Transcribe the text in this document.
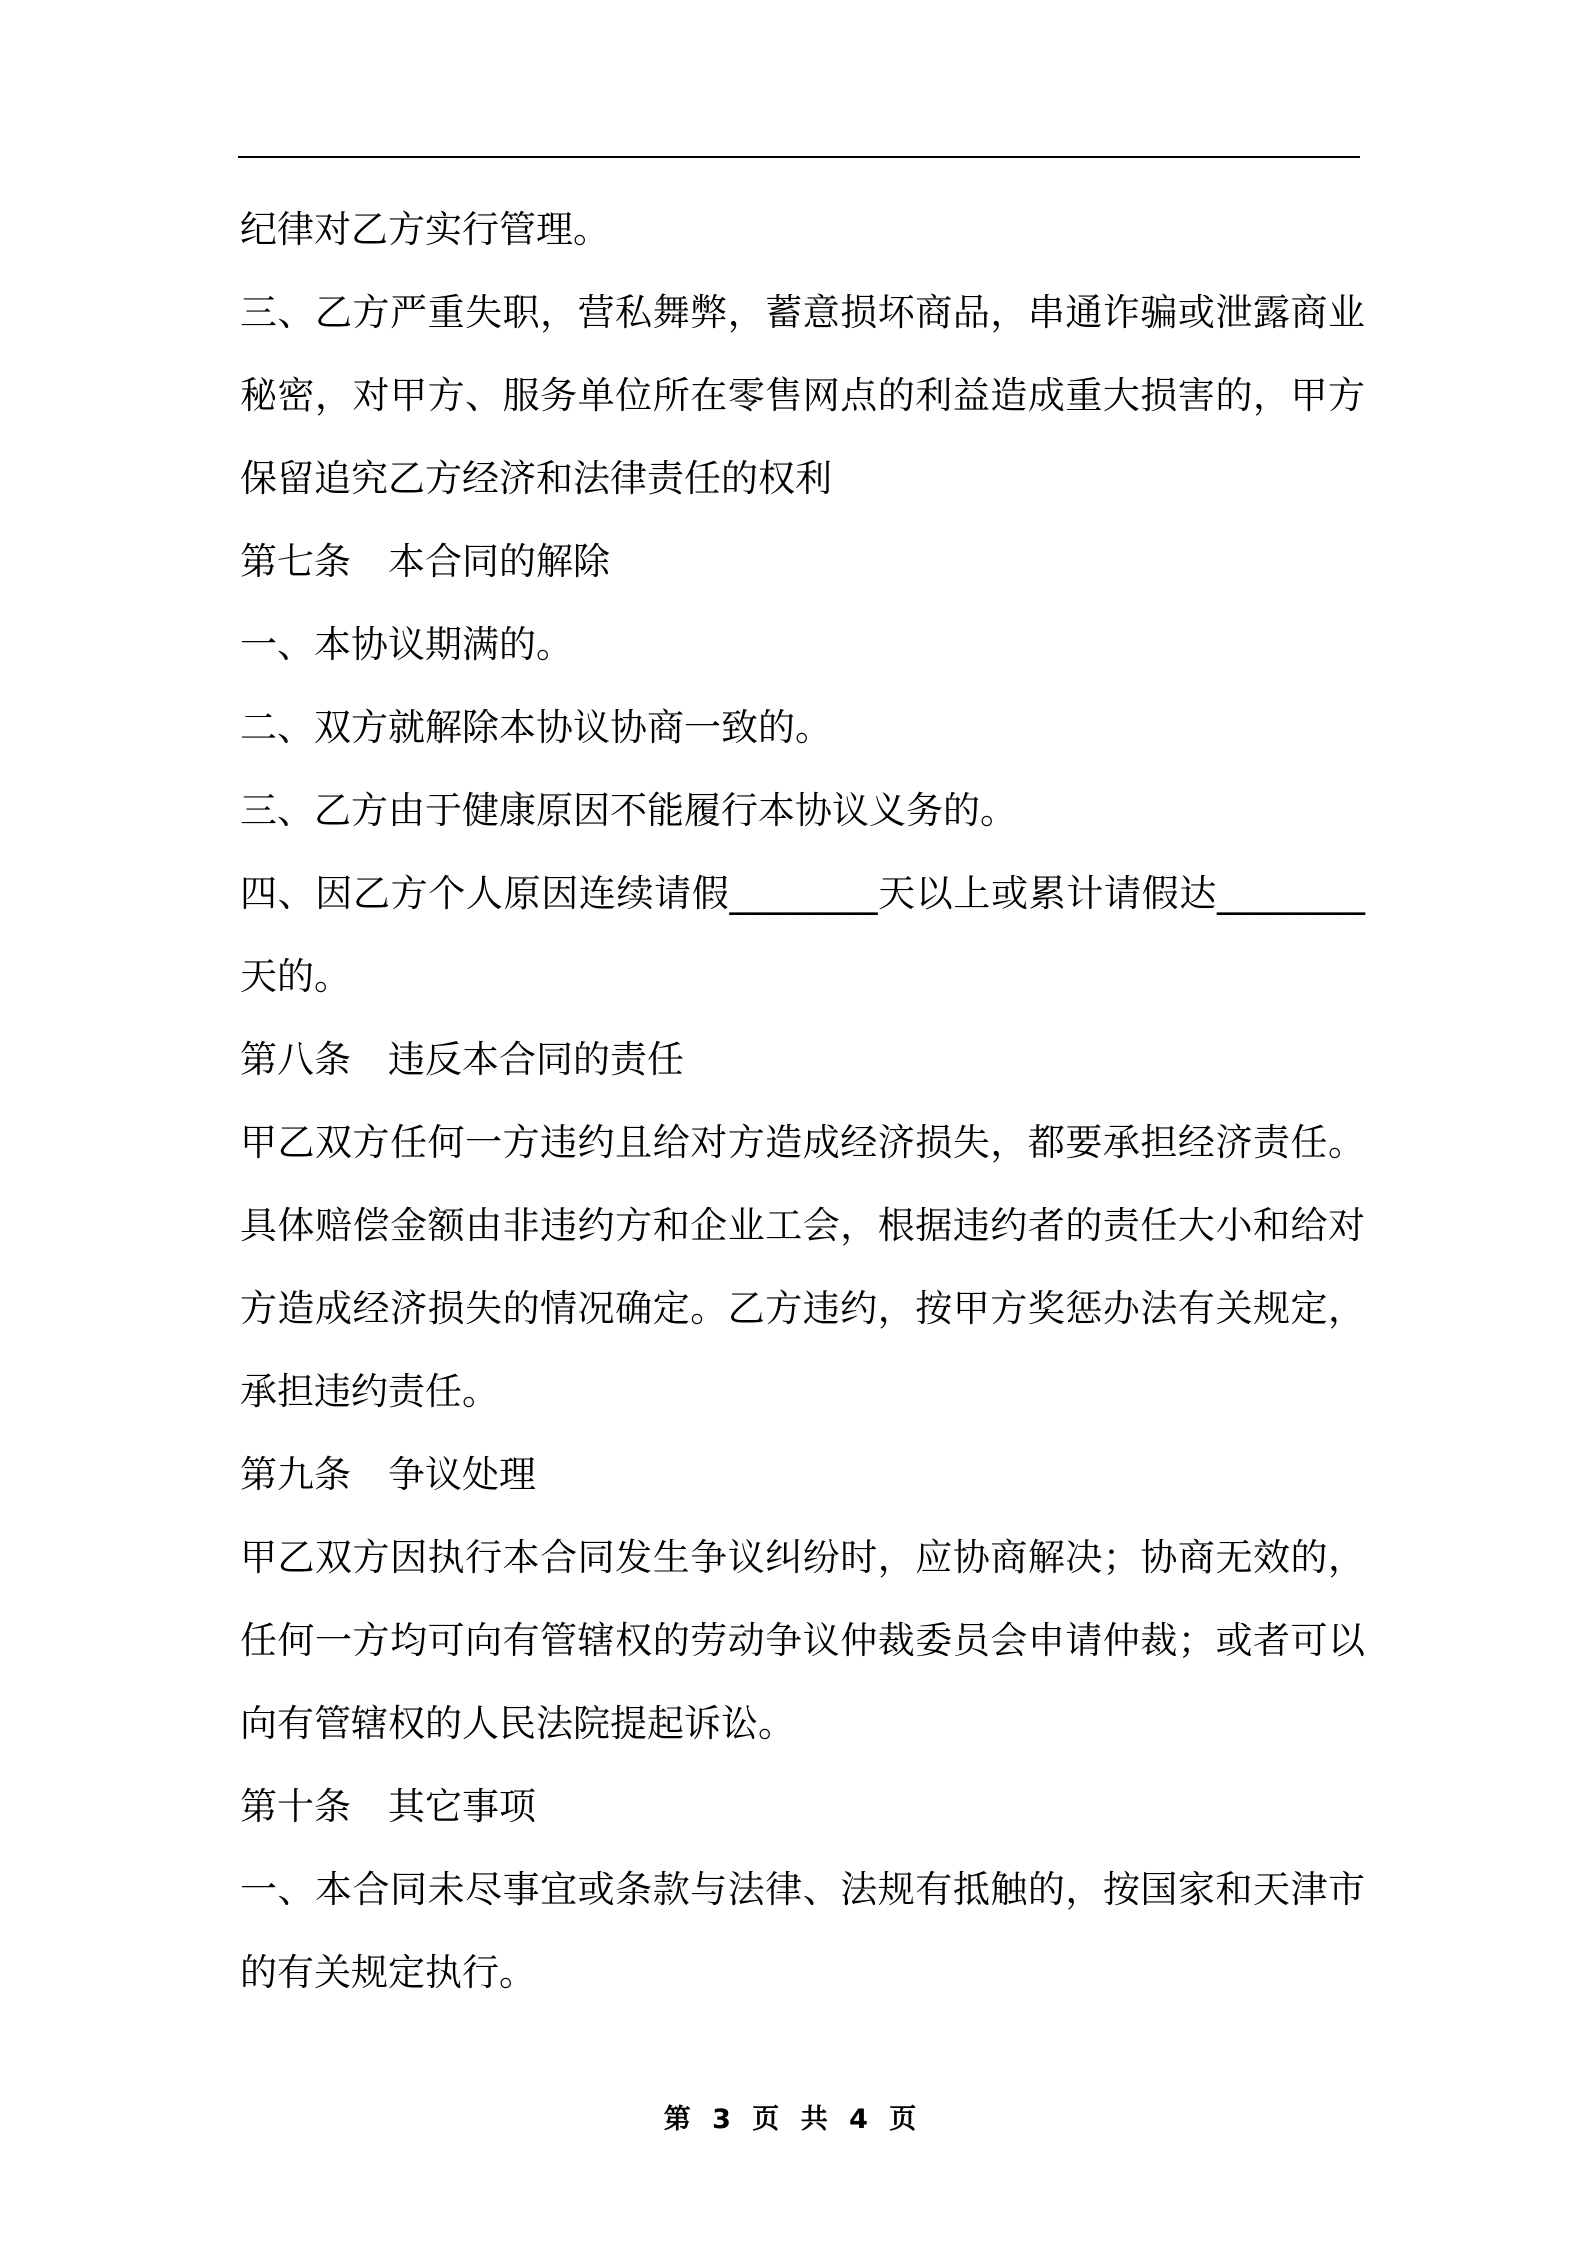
纪律对乙方实行管理。

三、乙方严重失职，营私舞弊，蓄意损坏商品，串通诈骗或泄露商业秘密，对甲方、服务单位所在零售网点的利益造成重大损害的，甲方保留追究乙方经济和法律责任的权利

第七条　本合同的解除

一、本协议期满的。

二、双方就解除本协议协商一致的。

三、乙方由于健康原因不能履行本协议义务的。

四、因乙方个人原因连续请假________天以上或累计请假达________天的。

第八条　违反本合同的责任

甲乙双方任何一方违约且给对方造成经济损失，都要承担经济责任。具体赔偿金额由非违约方和企业工会，根据违约者的责任大小和给对方造成经济损失的情况确定。乙方违约，按甲方奖惩办法有关规定，承担违约责任。

第九条　争议处理

甲乙双方因执行本合同发生争议纠纷时，应协商解决；协商无效的，任何一方均可向有管辖权的劳动争议仲裁委员会申请仲裁；或者可以向有管辖权的人民法院提起诉讼。

第十条　其它事项

一、本合同未尽事宜或条款与法律、法规有抵触的，按国家和天津市的有关规定执行。

第 3 页 共 4 页
